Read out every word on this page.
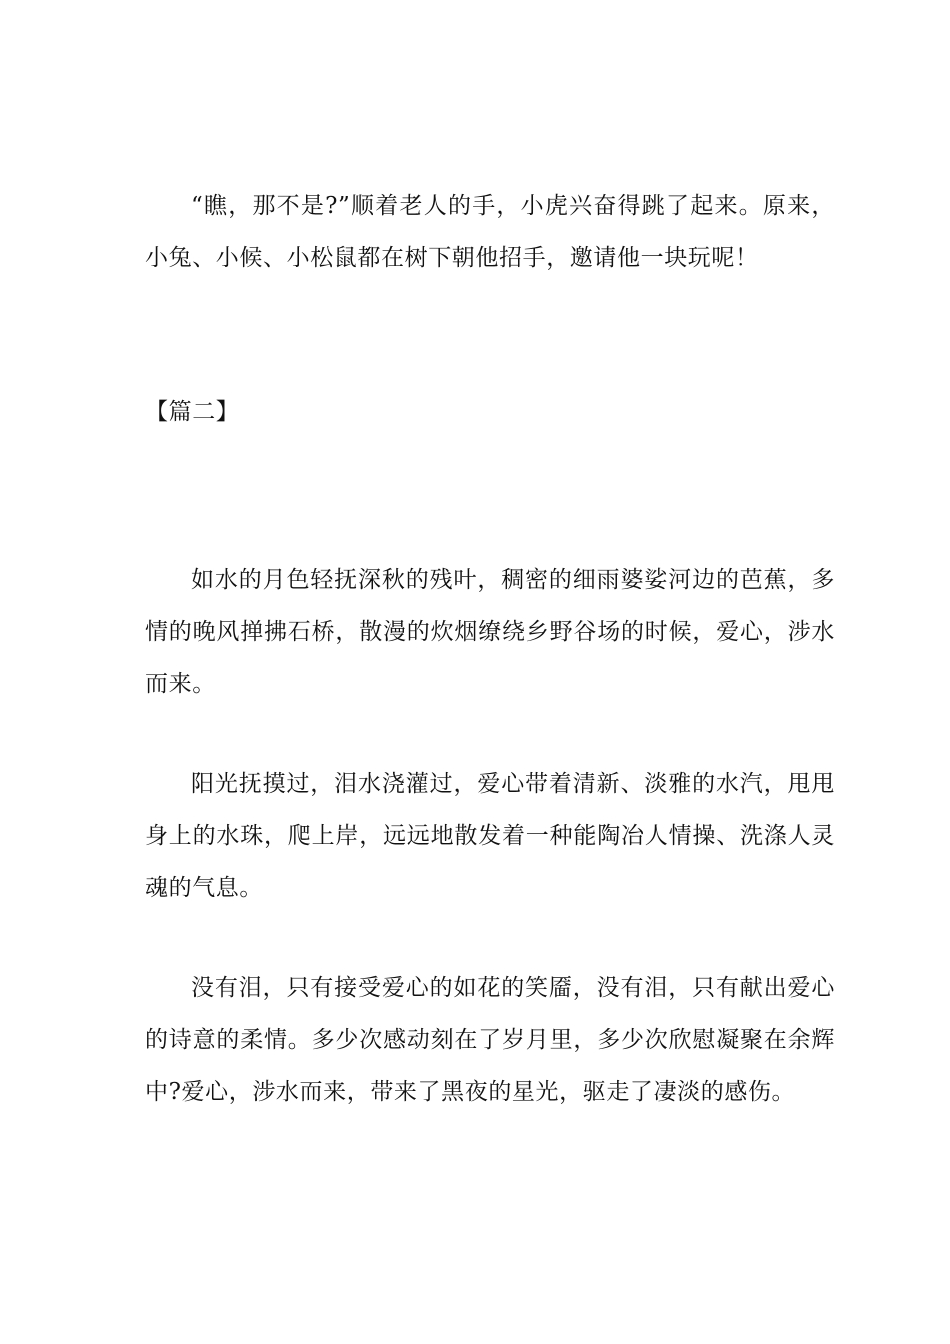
“瞧，那不是?”顺着老人的手，小虎兴奋得跳了起来。原来，小兔、小候、小松鼠都在树下朝他招手，邀请他一块玩呢！

【篇二】

如水的月色轻抚深秋的残叶，稠密的细雨婆娑河边的芭蕉，多情的晚风掸拂石桥，散漫的炊烟缭绕乡野谷场的时候，爱心，涉水而来。

阳光抚摸过，泪水浇灌过，爱心带着清新、淡雅的水汽，甩甩身上的水珠，爬上岸，远远地散发着一种能陶冶人情操、洗涤人灵魂的气息。

没有泪，只有接受爱心的如花的笑靥，没有泪，只有献出爱心的诗意的柔情。多少次感动刻在了岁月里，多少次欣慰凝聚在余辉中?爱心，涉水而来，带来了黑夜的星光，驱走了凄淡的感伤。
